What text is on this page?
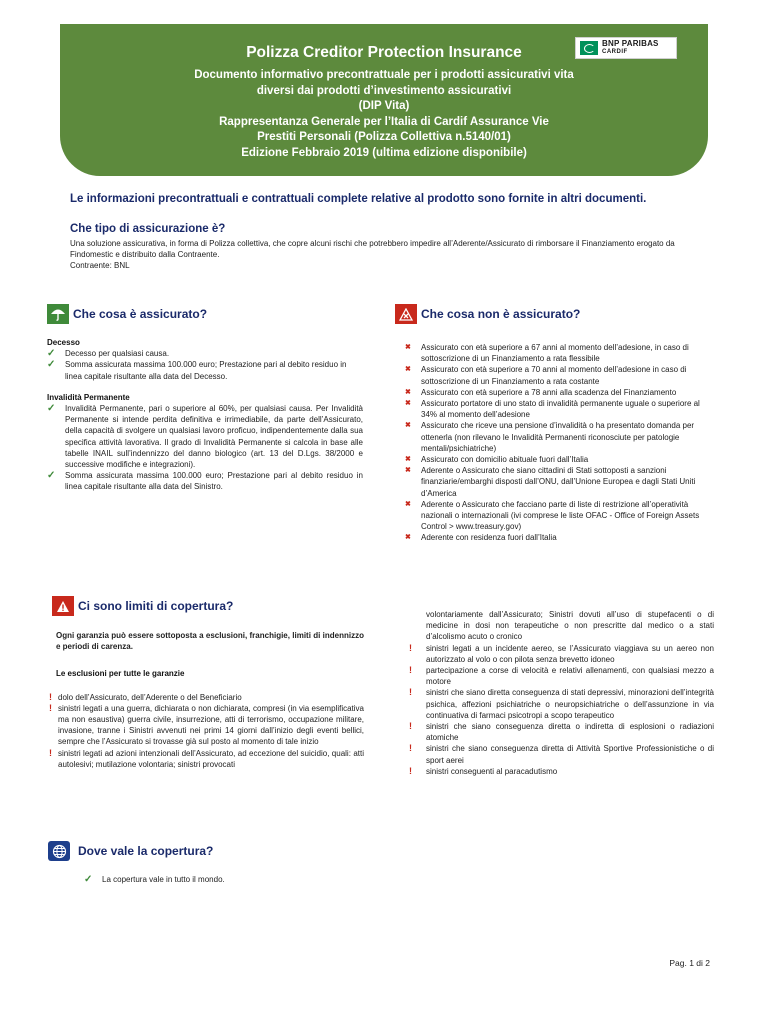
Polizza Creditor Protection Insurance
Documento informativo precontrattuale per i prodotti assicurativi vita
diversi dai prodotti d’investimento assicurativi
(DIP Vita)
Rappresentanza Generale per l’Italia di Cardif Assurance Vie
Prestiti Personali (Polizza Collettiva n.5140/01)
Edizione Febbraio 2019 (ultima edizione disponibile)
BNP PARIBAS
CARDIF
Le informazioni precontrattuali e contrattuali complete relative al prodotto sono fornite in altri documenti.
Che tipo di assicurazione è?
Una soluzione assicurativa, in forma di Polizza collettiva, che copre alcuni rischi che potrebbero impedire all’Aderente/Assicurato di rimborsare il Finanziamento erogato da Findomestic e distribuito dalla Contraente.
Contraente: BNL
Che cosa è assicurato?
Decesso
✓ Decesso per qualsiasi causa.
✓ Somma assicurata massima 100.000 euro; Prestazione pari al debito residuo in linea capitale risultante alla data del Decesso.
Invalidità Permanente
✓ Invalidità Permanente, pari o superiore al 60%, per qualsiasi causa. Per Invalidità Permanente si intende perdita definitiva e irrimediabile, da parte dell’Assicurato, della capacità di svolgere un qualsiasi lavoro proficuo, indipendentemente dalla sua specifica attività lavorativa. Il grado di Invalidità Permanente si calcola in base alle tabelle INAIL sull’indennizzo del danno biologico (art. 13 del D.Lgs. 38/2000 e successive modifiche e integrazioni).
✓ Somma assicurata massima 100.000 euro; Prestazione pari al debito residuo in linea capitale risultante alla data del Sinistro.
Che cosa non è assicurato?
✖ Assicurato con età superiore a 67 anni al momento dell’adesione, in caso di sottoscrizione di un Finanziamento a rata flessibile
✖ Assicurato con età superiore a 70 anni al momento dell’adesione in caso di sottoscrizione di un Finanziamento a rata costante
✖ Assicurato con età superiore a 78 anni alla scadenza del Finanziamento
✖ Assicurato portatore di uno stato di invalidità permanente uguale o superiore al 34% al momento dell’adesione
✖ Assicurato che riceve una pensione d’invalidità o ha presentato domanda per ottenerla (non rilevano le Invalidità Permanenti riconosciute per patologie mentali/psichiatriche)
✖ Assicurato con domicilio abituale fuori dall’Italia
✖ Aderente o Assicurato che siano cittadini di Stati sottoposti a sanzioni finanziarie/embarghi disposti dall’ONU, dall’Unione Europea e dagli Stati Uniti d’America
✖ Aderente o Assicurato che facciano parte di liste di restrizione all’operatività nazionali o internazionali (ivi comprese le liste OFAC - Office of Foreign Assets Control > www.treasury.gov)
✖ Aderente con residenza fuori dall’Italia
Ci sono limiti di copertura?
Ogni garanzia può essere sottoposta a esclusioni, franchigie, limiti di indennizzo e periodi di carenza.
Le esclusioni per tutte le garanzie
! dolo dell’Assicurato, dell’Aderente o del Beneficiario
! sinistri legati a una guerra, dichiarata o non dichiarata, compresi (in via esemplificativa ma non esaustiva) guerra civile, insurrezione, atti di terrorismo, occupazione militare, invasione, tranne i Sinistri avvenuti nei primi 14 giorni dall’inizio degli eventi bellici, sempre che l’Assicurato si trovasse già sul posto al momento di tale inizio
! sinistri legati ad azioni intenzionali dell’Assicurato, ad eccezione del suicidio, quali: atti autolesivi; mutilazione volontaria; sinistri provocati
volontariamente dall’Assicurato; Sinistri dovuti all’uso di stupefacenti o di medicine in dosi non terapeutiche o non prescritte dal medico o a stati d’alcolismo acuto o cronico
! sinistri legati a un incidente aereo, se l’Assicurato viaggiava su un aereo non autorizzato al volo o con pilota senza brevetto idoneo
! partecipazione a corse di velocità e relativi allenamenti, con qualsiasi mezzo a motore
! sinistri che siano diretta conseguenza di stati depressivi, minorazioni dell’integrità psichica, affezioni psichiatriche o neuropsichiatriche o dell’assunzione in via continuativa di farmaci psicotropi a scopo terapeutico
! sinistri che siano conseguenza diretta o indiretta di esplosioni o radiazioni atomiche
! sinistri che siano conseguenza diretta di Attività Sportive Professionistiche o di sport aerei
! sinistri conseguenti al paracadutismo
Dove vale la copertura?
✓ La copertura vale in tutto il mondo.
Pag. 1 di 2
